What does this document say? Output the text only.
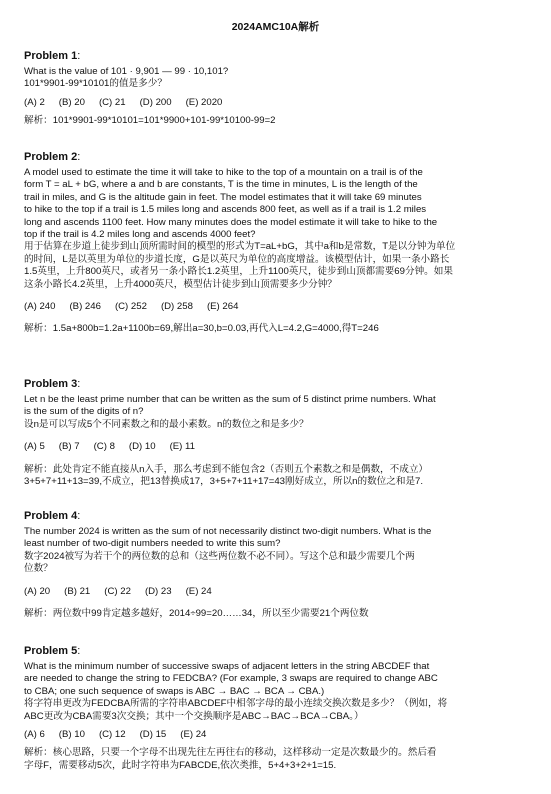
2024AMC10A解析
Problem 1:
What is the value of 101 · 9,901 — 99 · 10,101?
101*9901-99*10101的值是多少？
(A) 2 (B) 20 (C) 21 (D) 200 (E) 2020
解析：101*9901-99*10101=101*9900+101-99*10100-99=2
Problem 2:
A model used to estimate the time it will take to hike to the top of a mountain on a trail is of the
form T = aL + bG, where a and b are constants, T is the time in minutes, L is the length of the
trail in miles, and G is the altitude gain in feet. The model estimates that it will take 69 minutes
to hike to the top if a trail is 1.5 miles long and ascends 800 feet, as well as if a trail is 1.2 miles
long and ascends 1100 feet. How many minutes does the model estimate it will take to hike to the
top if the trail is 4.2 miles long and ascends 4000 feet?
用于估算在步道上徒步到山顶所需时间的模型的形式为T=aL+bG，其中a和b是常数，T是以分钟为单位
的时间，L是以英里为单位的步道长度，G是以英尺为单位的高度增益。该模型估计，如果一条小路长
1.5英里，上升800英尺，或者另一条小路长1.2英里，上升1100英尺，徒步到山顶都需要69分钟。如果
这条小路长4.2英里，上升4000英尺，模型估计徒步到山顶需要多少分钟？
(A) 240 (B) 246 (C) 252 (D) 258 (E) 264
解析：1.5a+800b=1.2a+1100b=69,解出a=30,b=0.03,再代入L=4.2,G=4000,得T=246
Problem 3:
Let n be the least prime number that can be written as the sum of 5 distinct prime numbers. What
is the sum of the digits of n?
设n是可以写成5个不同素数之和的最小素数。n的数位之和是多少？
(A) 5 (B) 7 (C) 8 (D) 10 (E) 11
解析：此处肯定不能直接从n入手，那么考虑到不能包含2（否则五个素数之和是偶数，不成立）
3+5+7+11+13=39,不成立，把13替换成17，3+5+7+11+17=43刚好成立，所以n的数位之和是7.
Problem 4:
The number 2024 is written as the sum of not necessarily distinct two-digit numbers. What is the
least number of two-digit numbers needed to write this sum?
数字2024被写为若干个的两位数的总和（这些两位数不必不同）。写这个总和最少需要几个两
位数？
(A) 20 (B) 21 (C) 22 (D) 23 (E) 24
解析：两位数中99肯定越多越好，2014÷99=20……34，所以至少需要21个两位数
Problem 5:
What is the minimum number of successive swaps of adjacent letters in the string ABCDEF that
are needed to change the string to FEDCBA? (For example, 3 swaps are required to change ABC
to CBA; one such sequence of swaps is ABC → BAC → BCA → CBA.)
将字符串更改为FEDCBA所需的字符串ABCDEF中相邻字母的最小连续交换次数是多少？（例如，将
ABC更改为CBA需要3次交换；其中一个交换顺序是ABC→BAC→BCA→CBA。）
(A) 6 (B) 10 (C) 12 (D) 15 (E) 24
解析：核心思路，只要一个字母不出现先往左再往右的移动，这样移动一定是次数最少的。然后看
字母F，需要移动5次，此时字符串为FABCDE,依次类推，5+4+3+2+1=15.
